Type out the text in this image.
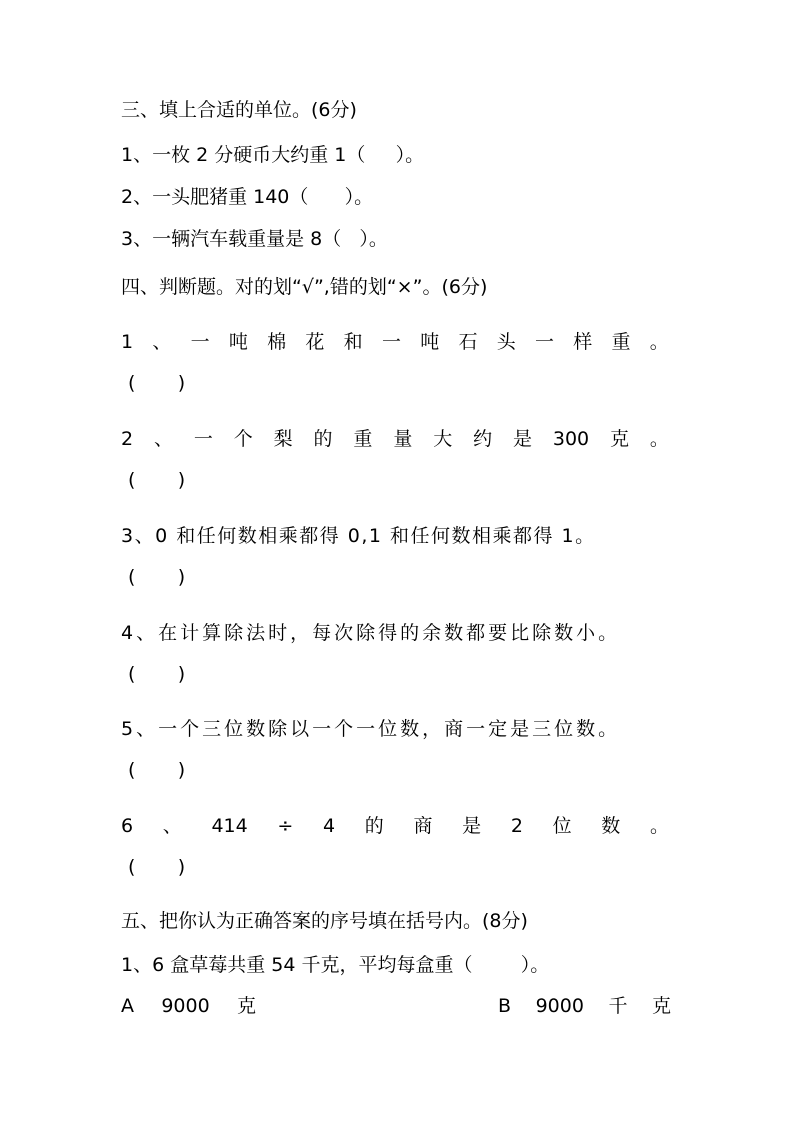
三、填上合适的单位。(6分)
1、一枚 2 分硬币大约重 1（     ）。
2、一头肥猪重 140（      ）。
3、一辆汽车载重量是 8（   ）。
四、判断题。对的划“√”,错的划“×”。(6分)
1 、 一 吨 棉 花 和 一 吨 石 头 一 样 重 。
(       )
2 、 一 个 梨 的 重 量 大 约 是 300 克 。
(       )
3、0 和任何数相乘都得 0,1 和任何数相乘都得 1。
(       )
4、在计算除法时，每次除得的余数都要比除数小。
(       )
5、一个三位数除以一个一位数，商一定是三位数。
(       )
6 、 414 ÷ 4 的 商 是 2 位 数 。
(       )
五、把你认为正确答案的序号填在括号内。(8分)
1、6 盒草莓共重 54 千克，平均每盒重（        ）。
A 9000 克	B 9000 千 克
